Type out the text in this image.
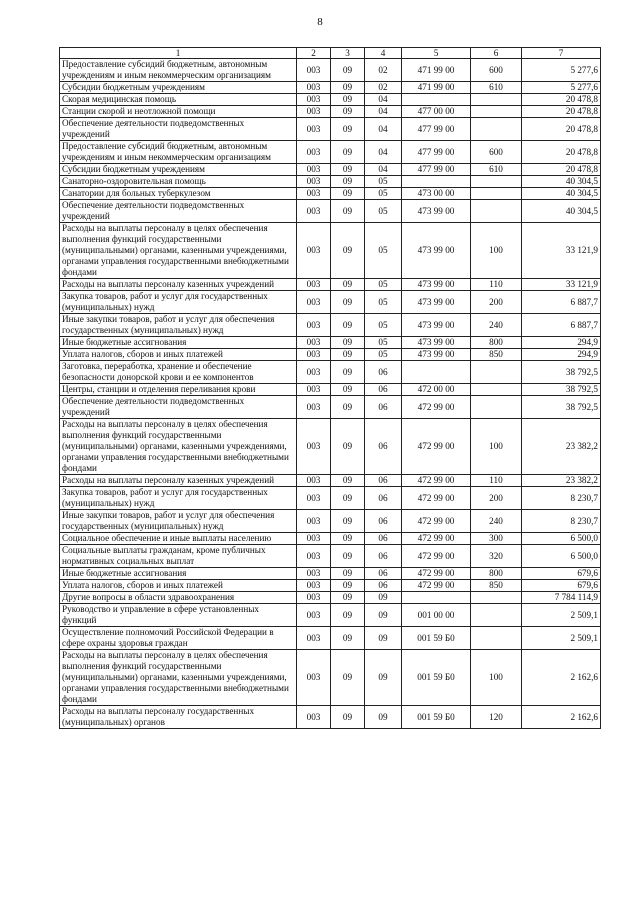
8
1	2	3	4	5	6	7
Предоставление субсидий бюджетным, автономным учреждениям и иным некоммерческим организациям	003	09	02	471 99 00	600	5 277,6
Субсидии бюджетным учреждениям	003	09	02	471 99 00	610	5 277,6
Скорая медицинская помощь	003	09	04			20 478,8
Станции скорой и неотложной помощи	003	09	04	477 00 00		20 478,8
Обеспечение деятельности подведомственных учреждений	003	09	04	477 99 00		20 478,8
Предоставление субсидий бюджетным, автономным учреждениям и иным некоммерческим организациям	003	09	04	477 99 00	600	20 478,8
Субсидии бюджетным учреждениям	003	09	04	477 99 00	610	20 478,8
Санаторно-оздоровительная помощь	003	09	05			40 304,5
Санатории для больных туберкулезом	003	09	05	473 00 00		40 304,5
Обеспечение деятельности подведомственных учреждений	003	09	05	473 99 00		40 304,5
Расходы на выплаты персоналу в целях обеспечения выполнения функций государственными (муниципальными) органами, казенными учреждениями, органами управления государственными внебюджетными фондами	003	09	05	473 99 00	100	33 121,9
Расходы на выплаты персоналу казенных учреждений	003	09	05	473 99 00	110	33 121,9
Закупка товаров, работ и услуг для государственных (муниципальных) нужд	003	09	05	473 99 00	200	6 887,7
Иные закупки товаров, работ и услуг для обеспечения государственных (муниципальных) нужд	003	09	05	473 99 00	240	6 887,7
Иные бюджетные ассигнования	003	09	05	473 99 00	800	294,9
Уплата налогов, сборов и иных платежей	003	09	05	473 99 00	850	294,9
Заготовка, переработка, хранение и обеспечение безопасности донорской крови и ее компонентов	003	09	06			38 792,5
Центры, станции и отделения переливания крови	003	09	06	472 00 00		38 792,5
Обеспечение деятельности подведомственных учреждений	003	09	06	472 99 00		38 792,5
Расходы на выплаты персоналу в целях обеспечения выполнения функций государственными (муниципальными) органами, казенными учреждениями, органами управления государственными внебюджетными фондами	003	09	06	472 99 00	100	23 382,2
Расходы на выплаты персоналу казенных учреждений	003	09	06	472 99 00	110	23 382,2
Закупка товаров, работ и услуг для государственных (муниципальных) нужд	003	09	06	472 99 00	200	8 230,7
Иные закупки товаров, работ и услуг для обеспечения государственных (муниципальных) нужд	003	09	06	472 99 00	240	8 230,7
Социальное обеспечение и иные выплаты населению	003	09	06	472 99 00	300	6 500,0
Социальные выплаты гражданам, кроме публичных нормативных социальных выплат	003	09	06	472 99 00	320	6 500,0
Иные бюджетные ассигнования	003	09	06	472 99 00	800	679,6
Уплата налогов, сборов и иных платежей	003	09	06	472 99 00	850	679,6
Другие вопросы в области здравоохранения	003	09	09			7 784 114,9
Руководство и управление в сфере установленных функций	003	09	09	001 00 00		2 509,1
Осуществление полномочий Российской Федерации в сфере охраны здоровья граждан	003	09	09	001 59 Б0		2 509,1
Расходы на выплаты персоналу в целях обеспечения выполнения функций государственными (муниципальными) органами, казенными учреждениями, органами управления государственными внебюджетными фондами	003	09	09	001 59 Б0	100	2 162,6
Расходы на выплаты персоналу государственных (муниципальных) органов	003	09	09	001 59 Б0	120	2 162,6
